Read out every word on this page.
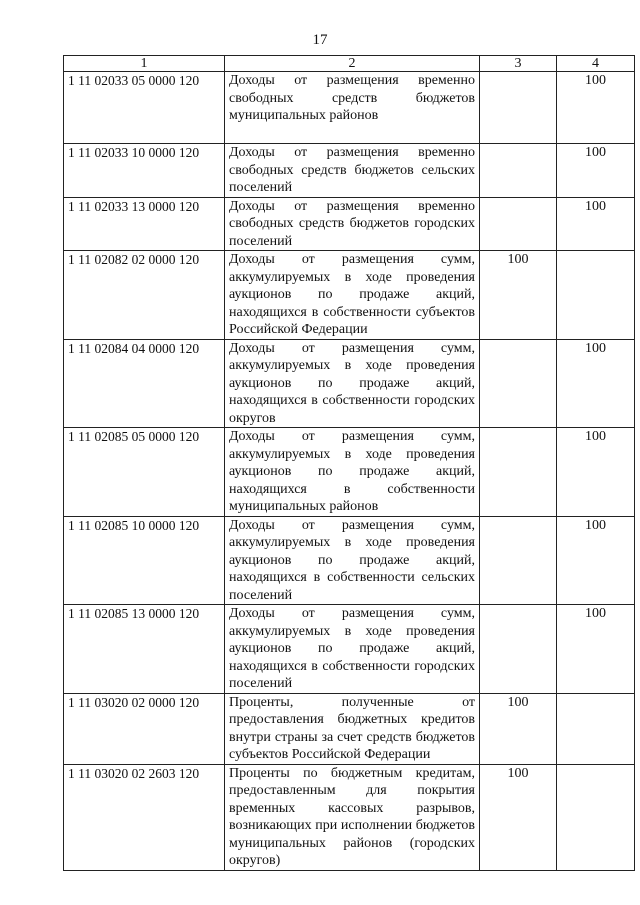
17
1	2	3	4
1 11 02033 05 0000 120	Доходы от размещения временно свободных средств бюджетов муниципальных районов		100
1 11 02033 10 0000 120	Доходы от размещения временно свободных средств бюджетов сельских поселений		100
1 11 02033 13 0000 120	Доходы от размещения временно свободных средств бюджетов городских поселений		100
1 11 02082 02 0000 120	Доходы от размещения сумм, аккумулируемых в ходе проведения аукционов по продаже акций, находящихся в собственности субъектов Российской Федерации	100	
1 11 02084 04 0000 120	Доходы от размещения сумм, аккумулируемых в ходе проведения аукционов по продаже акций, находящихся в собственности городских округов		100
1 11 02085 05 0000 120	Доходы от размещения сумм, аккумулируемых в ходе проведения аукционов по продаже акций, находящихся в собственности муниципальных районов		100
1 11 02085 10 0000 120	Доходы от размещения сумм, аккумулируемых в ходе проведения аукционов по продаже акций, находящихся в собственности сельских поселений		100
1 11 02085 13 0000 120	Доходы от размещения сумм, аккумулируемых в ходе проведения аукционов по продаже акций, находящихся в собственности городских поселений		100
1 11 03020 02 0000 120	Проценты, полученные от предоставления бюджетных кредитов внутри страны за счет средств бюджетов субъектов Российской Федерации	100	
1 11 03020 02 2603 120	Проценты по бюджетным кредитам, предоставленным для покрытия временных кассовых разрывов, возникающих при исполнении бюджетов муниципальных районов (городских округов)	100	
